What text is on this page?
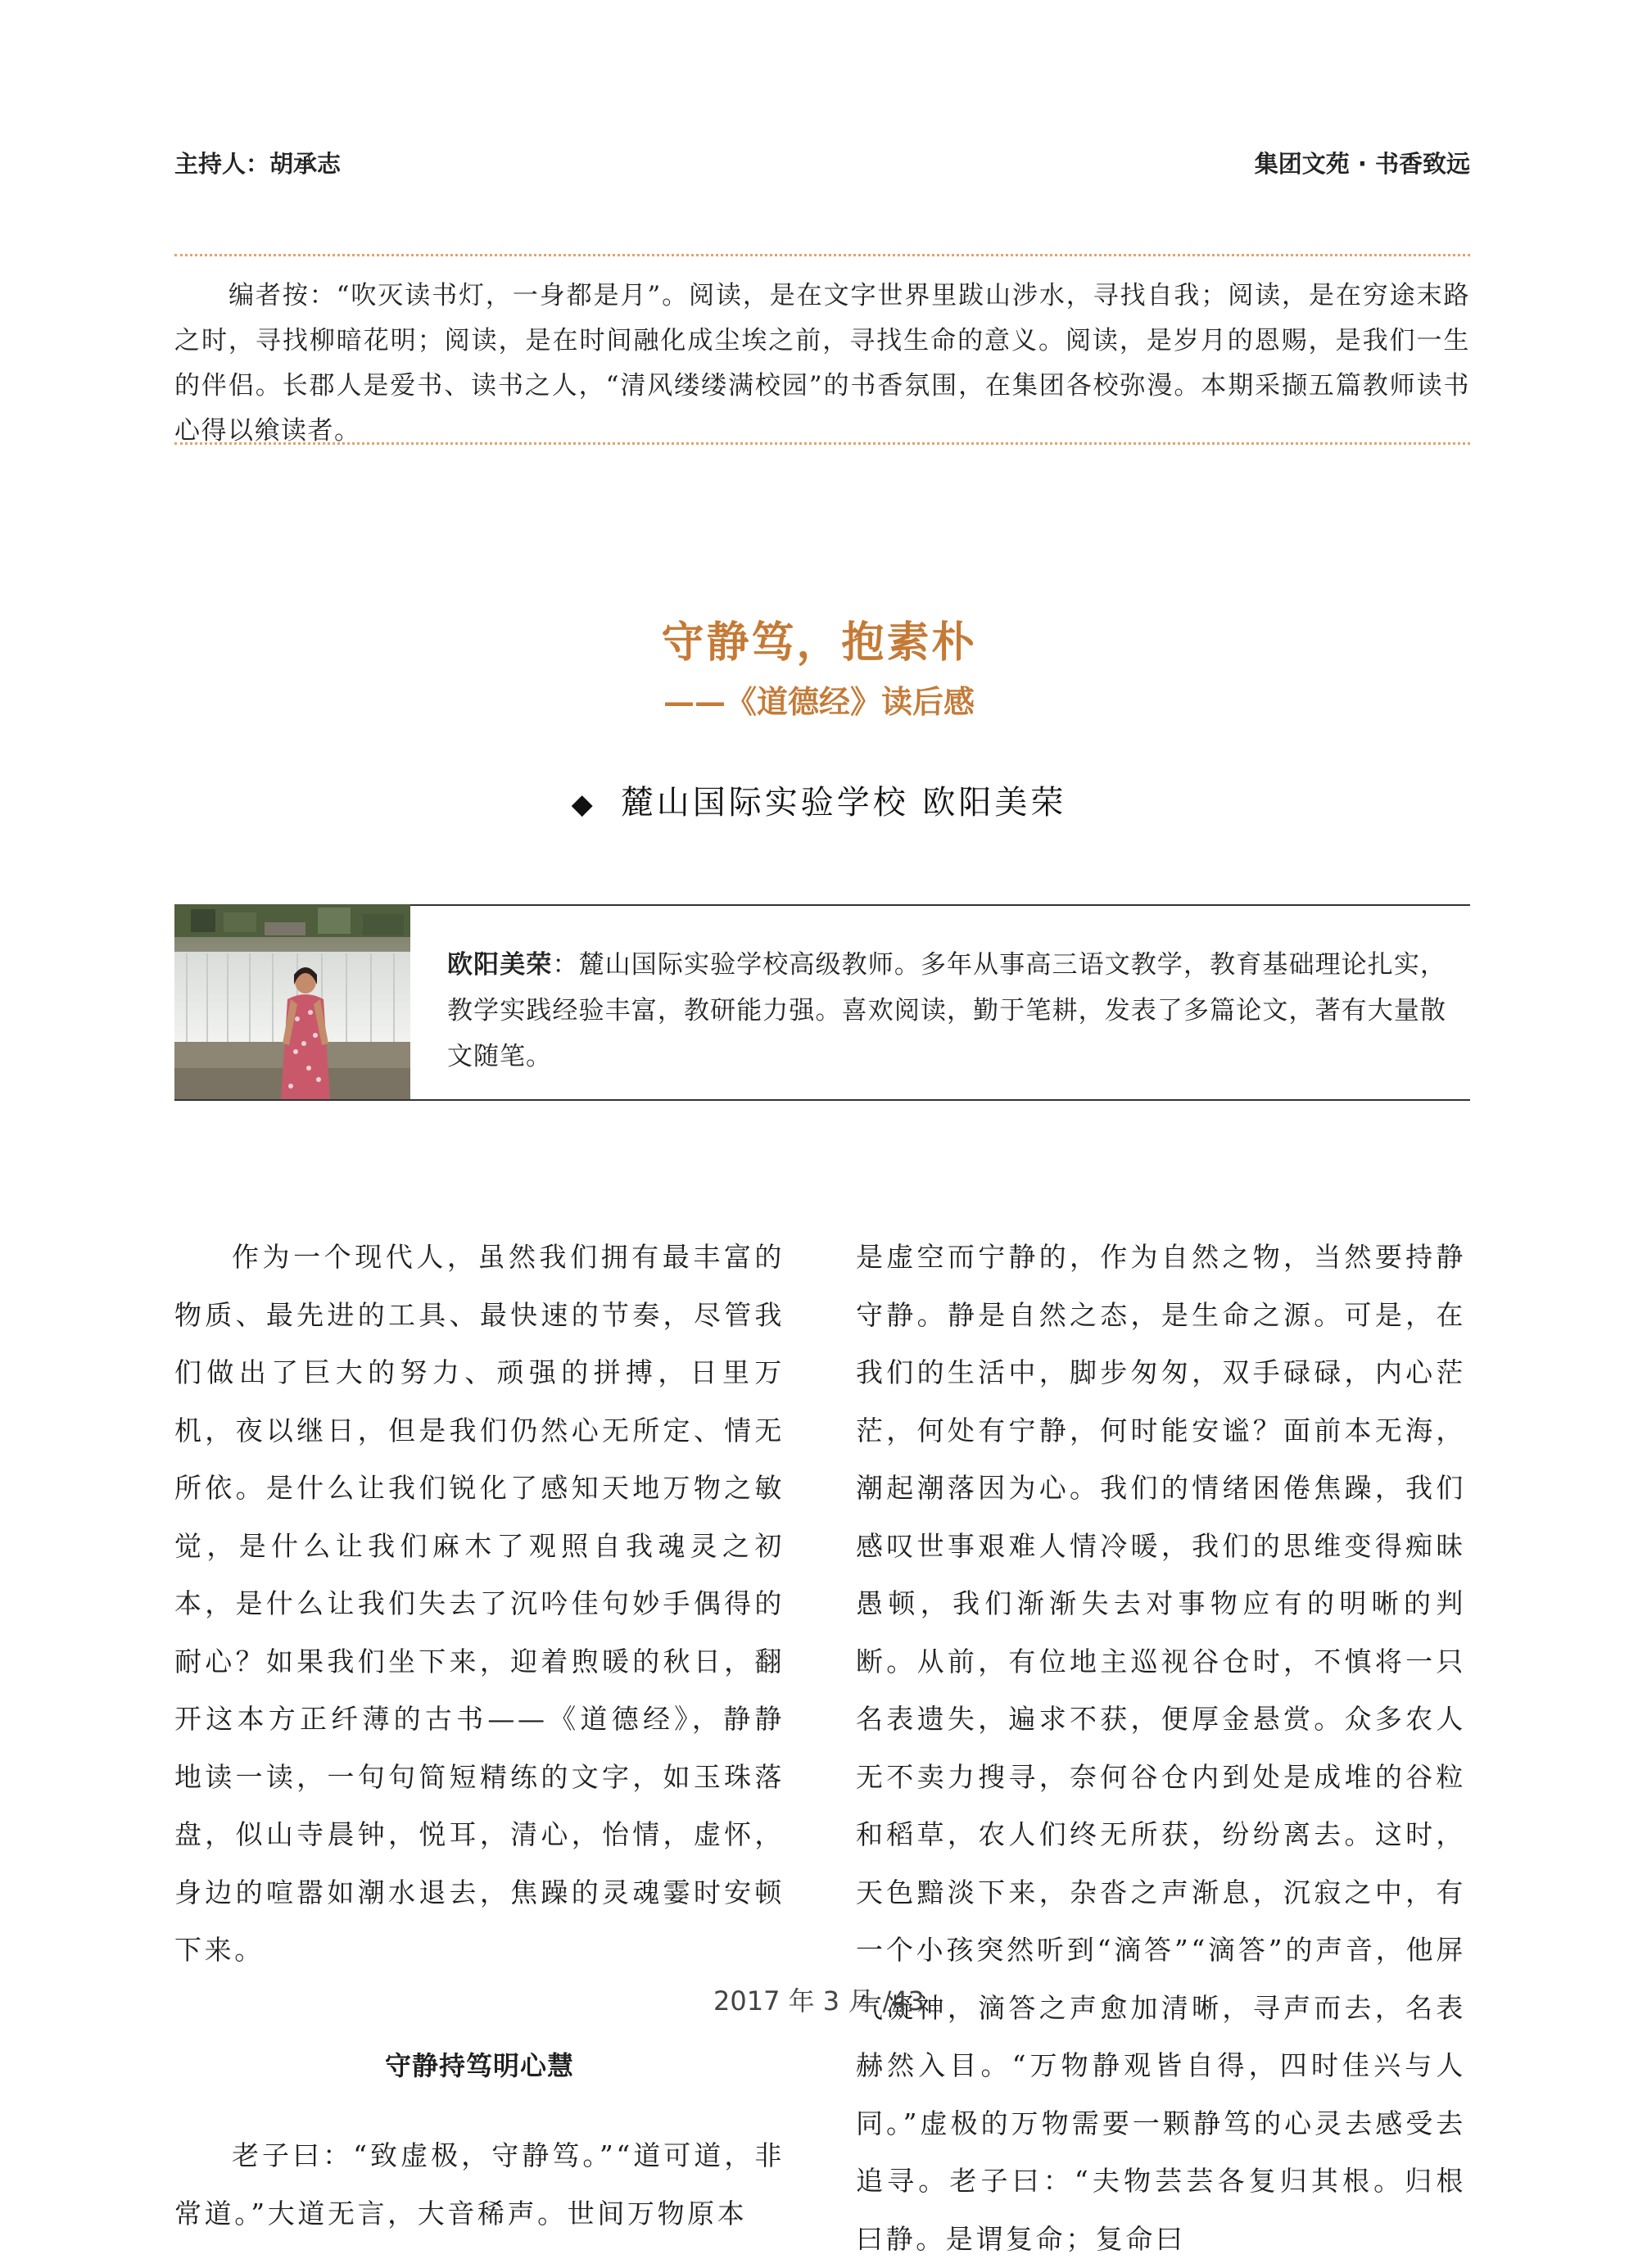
主持人：胡承志	集团文苑 · 书香致远
编者按：“吹灭读书灯，一身都是月”。阅读，是在文字世界里跋山涉水，寻找自我；阅读，是在穷途末路之时，寻找柳暗花明；阅读，是在时间融化成尘埃之前，寻找生命的意义。阅读，是岁月的恩赐，是我们一生的伴侣。长郡人是爱书、读书之人，“清风缕缕满校园”的书香氛围，在集团各校弥漫。本期采撷五篇教师读书心得以飨读者。
守静笃，抱素朴
——《道德经》读后感
◆ 麓山国际实验学校 欧阳美荣
欧阳美荣：麓山国际实验学校高级教师。多年从事高三语文教学，教育基础理论扎实，教学实践经验丰富，教研能力强。喜欢阅读，勤于笔耕，发表了多篇论文，著有大量散文随笔。

作为一个现代人，虽然我们拥有最丰富的物质、最先进的工具、最快速的节奏，尽管我们做出了巨大的努力、顽强的拼搏，日里万机，夜以继日，但是我们仍然心无所定、情无所依。是什么让我们锐化了感知天地万物之敏觉，是什么让我们麻木了观照自我魂灵之初本，是什么让我们失去了沉吟佳句妙手偶得的耐心？如果我们坐下来，迎着煦暖的秋日，翻开这本方正纤薄的古书——《道德经》，静静地读一读，一句句简短精练的文字，如玉珠落盘，似山寺晨钟，悦耳，清心，怡情，虚怀，身边的喧嚣如潮水退去，焦躁的灵魂霎时安顿下来。

守静持笃明心慧

老子曰：“致虚极，守静笃。”“道可道，非常道。”大道无言，大音稀声。世间万物原本

是虚空而宁静的，作为自然之物，当然要持静守静。静是自然之态，是生命之源。可是，在我们的生活中，脚步匆匆，双手碌碌，内心茫茫，何处有宁静，何时能安谧？面前本无海，潮起潮落因为心。我们的情绪困倦焦躁，我们感叹世事艰难人情冷暖，我们的思维变得痴昧愚顿，我们渐渐失去对事物应有的明晰的判断。从前，有位地主巡视谷仓时，不慎将一只名表遗失，遍求不获，便厚金悬赏。众多农人无不卖力搜寻，奈何谷仓内到处是成堆的谷粒和稻草，农人们终无所获，纷纷离去。这时，天色黯淡下来，杂沓之声渐息，沉寂之中，有一个小孩突然听到“滴答”“滴答”的声音，他屏气凝神，滴答之声愈加清晰，寻声而去，名表赫然入目。“万物静观皆自得，四时佳兴与人同。”虚极的万物需要一颗静笃的心灵去感受去追寻。老子曰：“夫物芸芸各复归其根。归根曰静。是谓复命；复命曰

2017 年 3 月 /43
